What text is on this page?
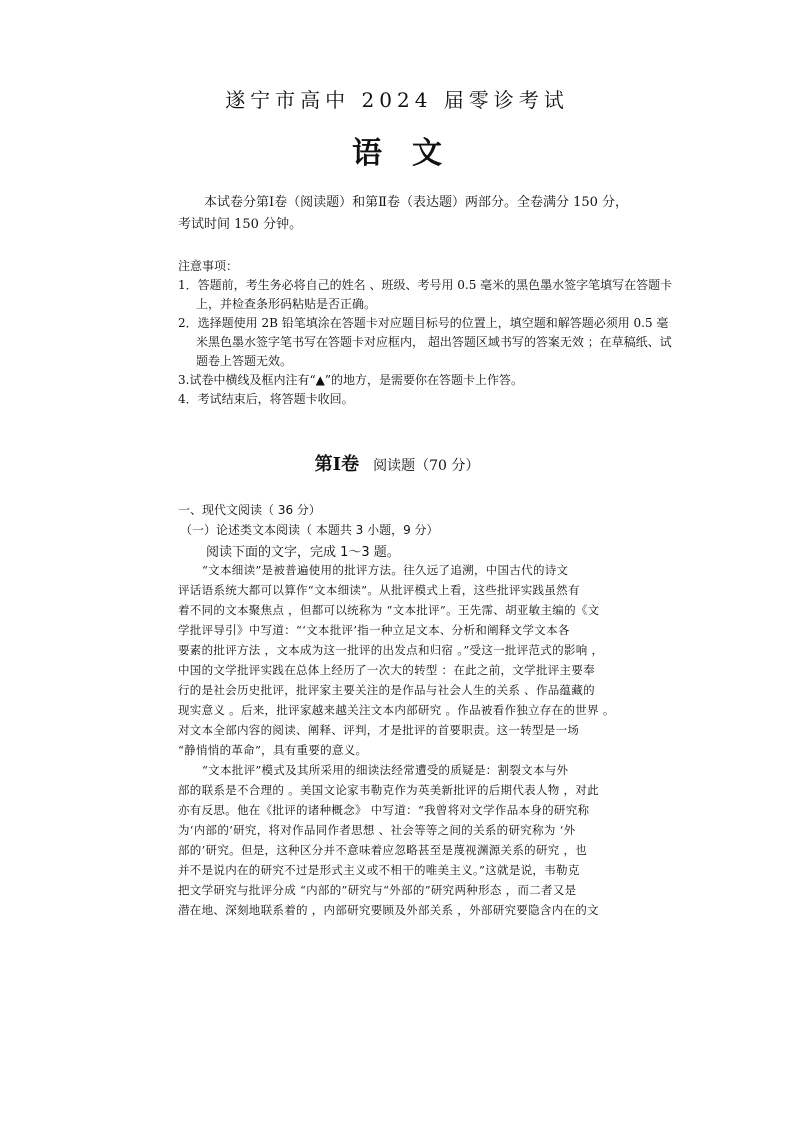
遂宁市高中 2024 届零诊考试
语文
本试卷分第Ⅰ卷（阅读题）和第Ⅱ卷（表达题）两部分。全卷满分 150 分，
考试时间 150 分钟。
注意事项：
1．答题前，考生务必将自己的姓名 、班级、考号用 0.5 毫米的黑色墨水签字笔填写在答题卡
上，并检查条形码粘贴是否正确。
2．选择题使用 2B 铅笔填涂在答题卡对应题目标号的位置上，填空题和解答题必须用 0.5 毫
米黑色墨水签字笔书写在答题卡对应框内， 超出答题区域书写的答案无效 ；在草稿纸、试
题卷上答题无效。
3.试卷中横线及框内注有“▲”的地方，是需要你在答题卡上作答。
4．考试结束后，将答题卡收回。
第Ⅰ卷 阅读题（70 分）
一、现代文阅读（ 36 分）
（一）论述类文本阅读（ 本题共 3 小题，9 分）
阅读下面的文字，完成 1～3 题。
“文本细读”是被普遍使用的批评方法。往久远了追溯，中国古代的诗文
评话语系统大都可以算作“文本细读”。从批评模式上看，这些批评实践虽然有
着不同的文本聚焦点 ，但都可以统称为 “文本批评”。王先霈、胡亚敏主编的《文
学批评导引》中写道：“‘文本批评’指一种立足文本、分析和阐释文学文本各
要素的批评方法 ，文本成为这一批评的出发点和归宿 。”受这一批评范式的影响 ，
中国的文学批评实践在总体上经历了一次大的转型 ：在此之前，文学批评主要奉
行的是社会历史批评，批评家主要关注的是作品与社会人生的关系 、作品蕴藏的
现实意义 。后来，批评家越来越关注文本内部研究 。作品被看作独立存在的世界 。
对文本全部内容的阅读、阐释、评判，才是批评的首要职责。这一转型是一场
“静悄悄的革命”，具有重要的意义。
“文本批评”模式及其所采用的细读法经常遭受的质疑是：割裂文本与外
部的联系是不合理的 。美国文论家韦勒克作为英美新批评的后期代表人物 ，对此
亦有反思。他在《批评的诸种概念》 中写道：“我曾将对文学作品本身的研究称
为‘内部的’研究，将对作品同作者思想 、社会等等之间的关系的研究称为 ‘外
部的’研究。但是，这种区分并不意味着应忽略甚至是蔑视渊源关系的研究 ，也
并不是说内在的研究不过是形式主义或不相干的唯美主义。”这就是说，韦勒克
把文学研究与批评分成 “内部的”研究与“外部的”研究两种形态 ，而二者又是
潜在地、深刻地联系着的 ，内部研究要顾及外部关系 ，外部研究要隐含内在的文
